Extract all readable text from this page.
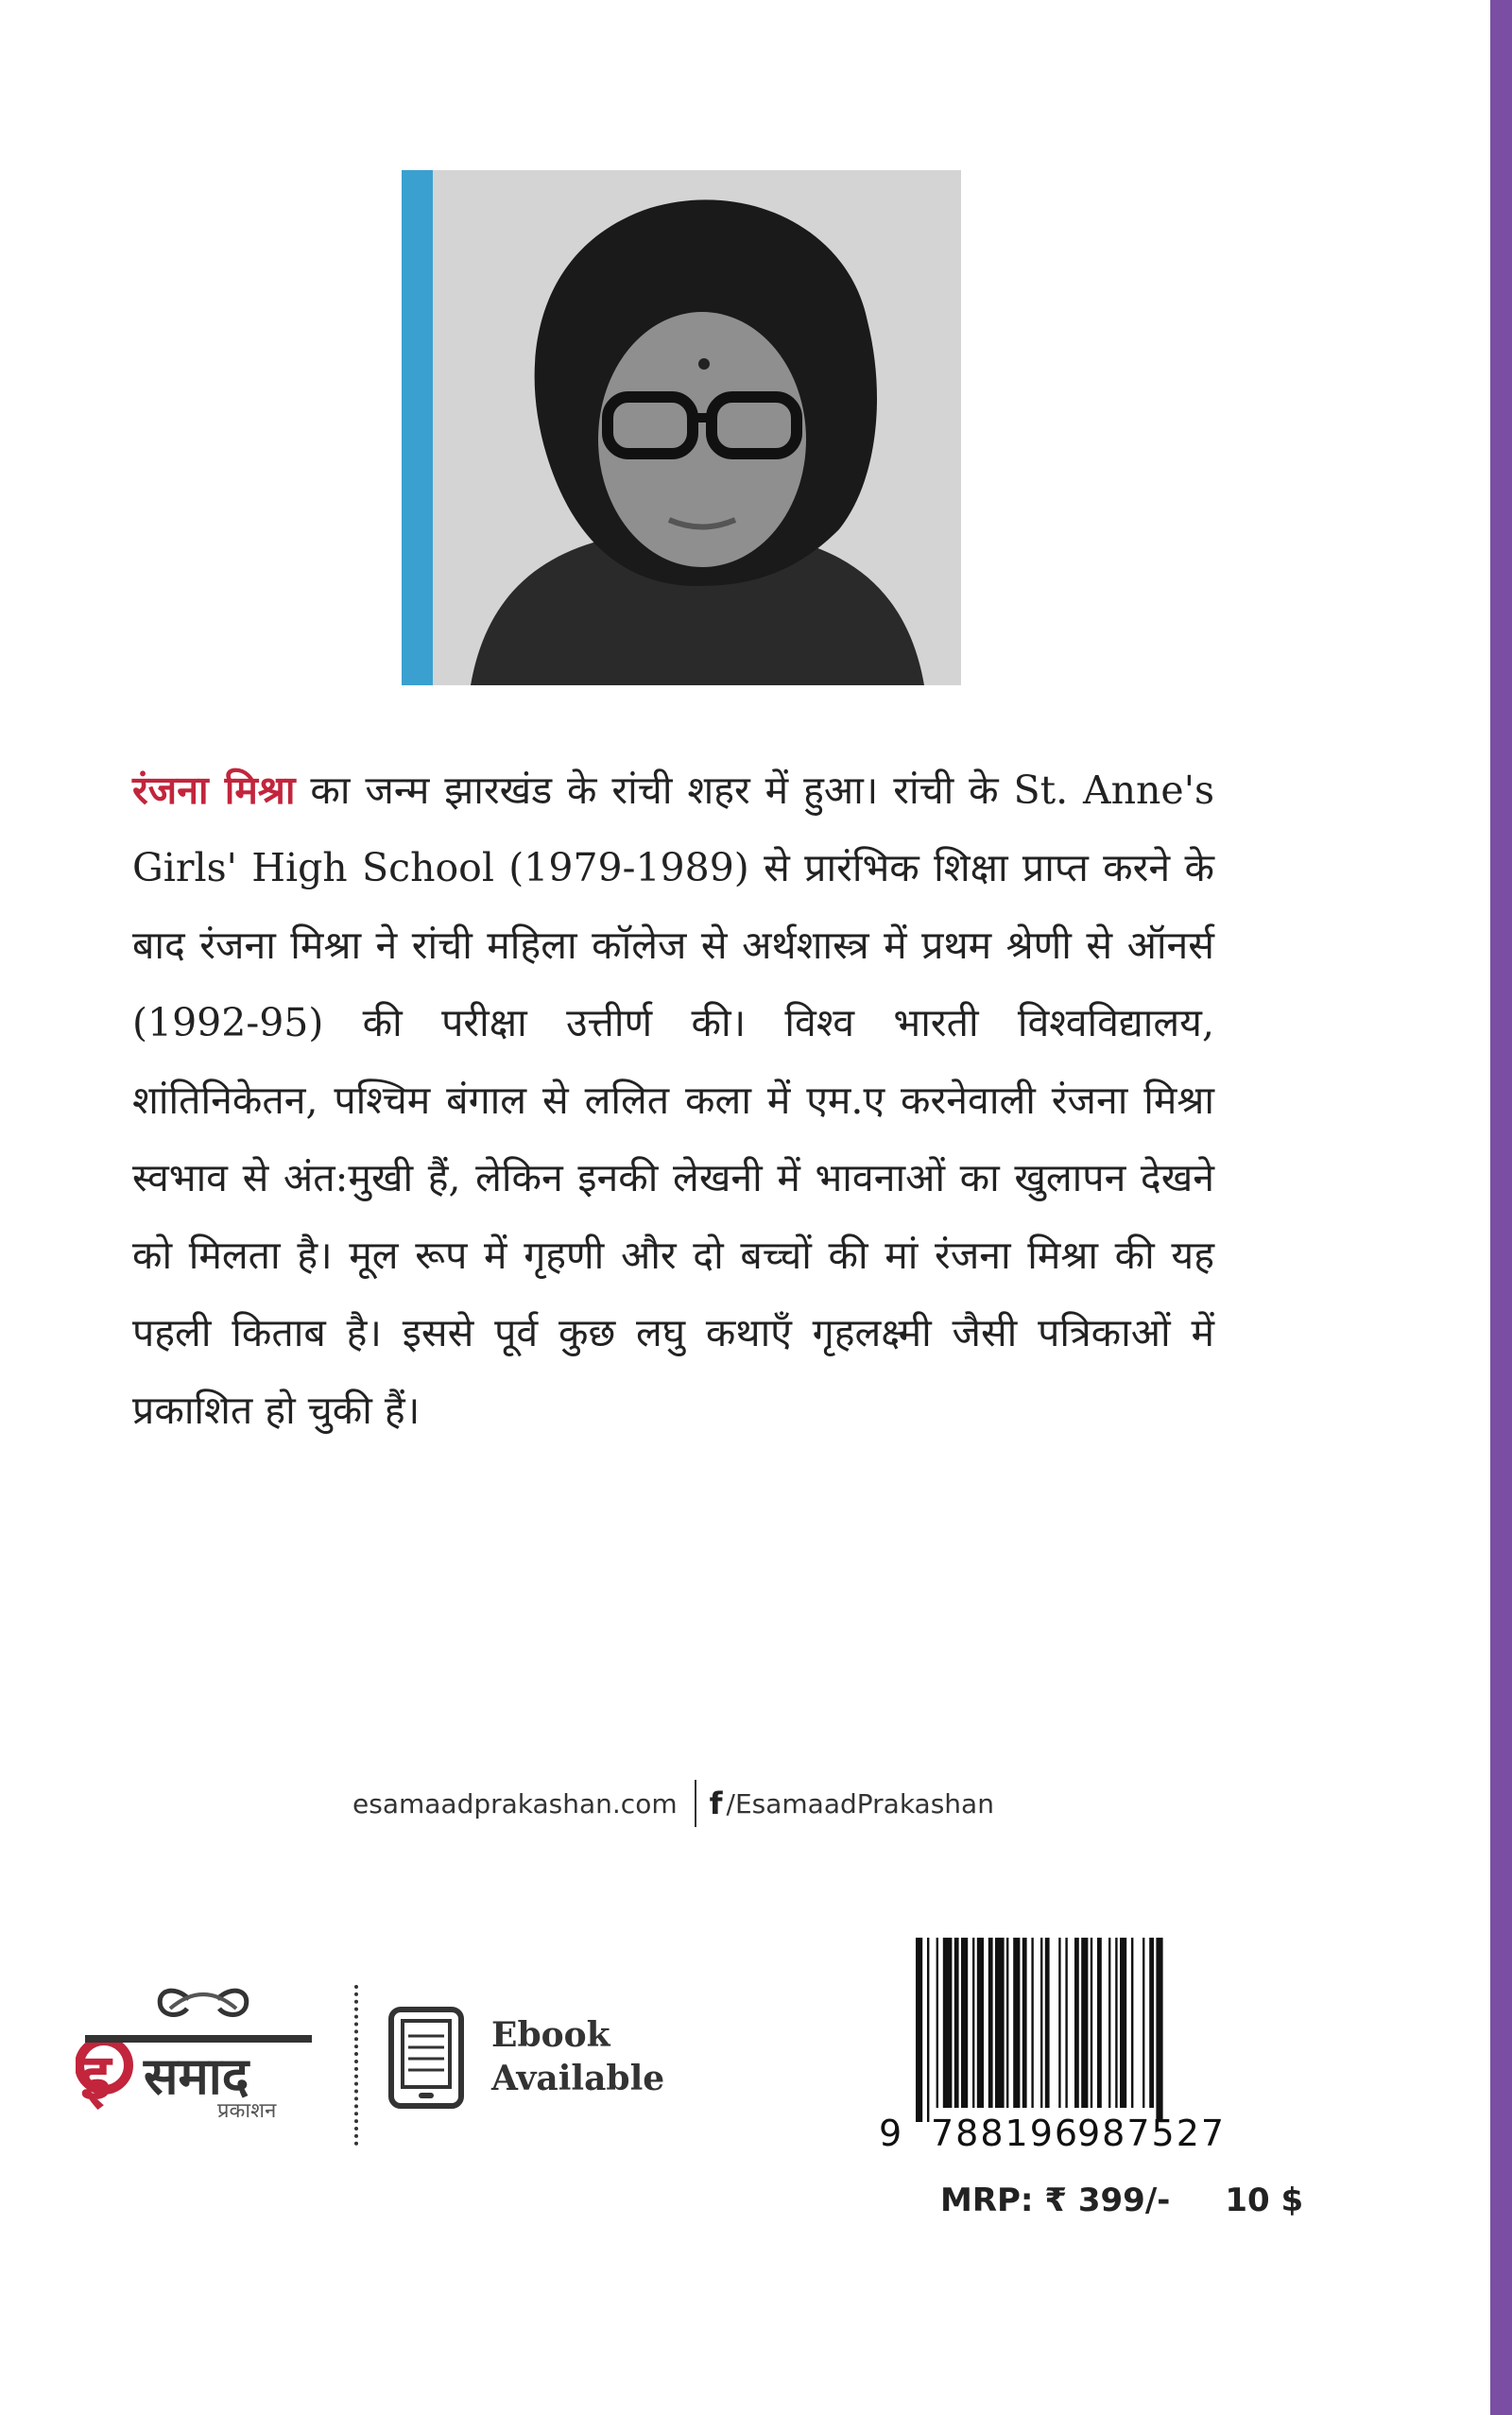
रंजना मिश्रा का जन्म झारखंड के रांची शहर में हुआ। रांची के St. Anne's Girls' High School (1979-1989) से प्रारंभिक शिक्षा प्राप्त करने के बाद रंजना मिश्रा ने रांची महिला कॉलेज से अर्थशास्त्र में प्रथम श्रेणी से ऑनर्स (1992-95) की परीक्षा उत्तीर्ण की। विश्व भारती विश्वविद्यालय, शांतिनिकेतन, पश्चिम बंगाल से ललित कला में एम.ए करनेवाली रंजना मिश्रा स्वभाव से अंत:मुखी हैं, लेकिन इनकी लेखनी में भावनाओं का खुलापन देखने को मिलता है। मूल रूप में गृहणी और दो बच्चों की मां रंजना मिश्रा की यह पहली किताब है। इससे पूर्व कुछ लघु कथाएँ गृहलक्ष्मी जैसी पत्रिकाओं में प्रकाशित हो चुकी हैं।
esamaadprakashan.com f /EsamaadPrakashan
इ समाद
प्रकाशन
Ebook
Available
9 788196
987527
MRP: ₹ 399/- 10 $
